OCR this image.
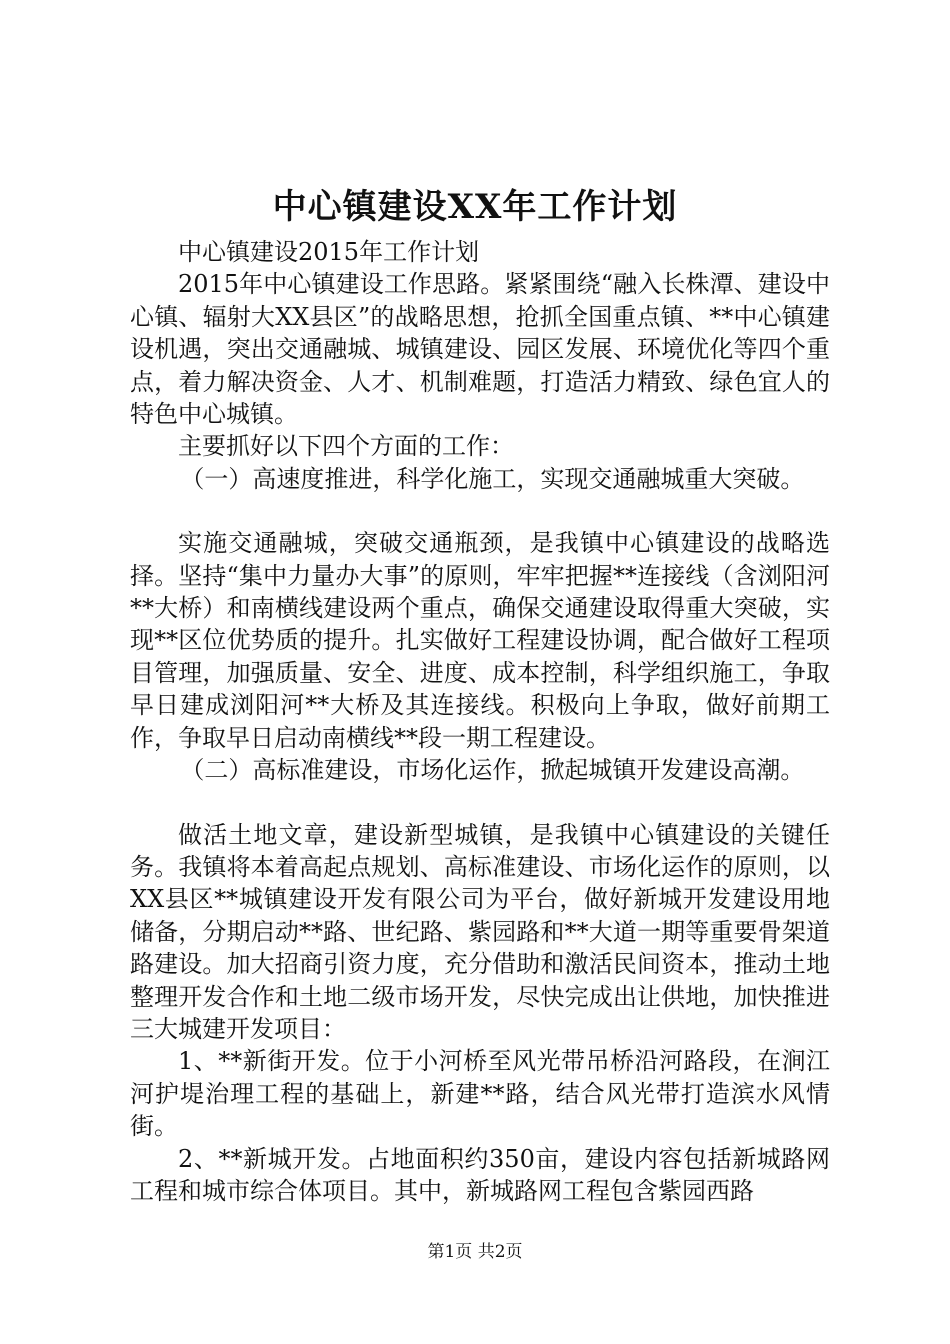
中心镇建设XX年工作计划

中心镇建设2015年工作计划

2015年中心镇建设工作思路。紧紧围绕“融入长株潭、建设中心镇、辐射大XX县区”的战略思想，抢抓全国重点镇、**中心镇建设机遇，突出交通融城、城镇建设、园区发展、环境优化等四个重点，着力解决资金、人才、机制难题，打造活力精致、绿色宜人的特色中心城镇。

主要抓好以下四个方面的工作：

（一）高速度推进，科学化施工，实现交通融城重大突破。

实施交通融城，突破交通瓶颈，是我镇中心镇建设的战略选择。坚持“集中力量办大事”的原则，牢牢把握**连接线（含浏阳河**大桥）和南横线建设两个重点，确保交通建设取得重大突破，实现**区位优势质的提升。扎实做好工程建设协调，配合做好工程项目管理，加强质量、安全、进度、成本控制，科学组织施工，争取早日建成浏阳河**大桥及其连接线。积极向上争取，做好前期工作，争取早日启动南横线**段一期工程建设。

（二）高标准建设，市场化运作，掀起城镇开发建设高潮。

做活土地文章，建设新型城镇，是我镇中心镇建设的关键任务。我镇将本着高起点规划、高标准建设、市场化运作的原则，以XX县区**城镇建设开发有限公司为平台，做好新城开发建设用地储备，分期启动**路、世纪路、紫园路和**大道一期等重要骨架道路建设。加大招商引资力度，充分借助和激活民间资本，推动土地整理开发合作和土地二级市场开发，尽快完成出让供地，加快推进三大城建开发项目：

1、**新街开发。位于小河桥至风光带吊桥沿河路段，在涧江河护堤治理工程的基础上，新建**路，结合风光带打造滨水风情街。

2、**新城开发。占地面积约350亩，建设内容包括新城路网工程和城市综合体项目。其中，新城路网工程包含紫园西路

第1页 共2页
